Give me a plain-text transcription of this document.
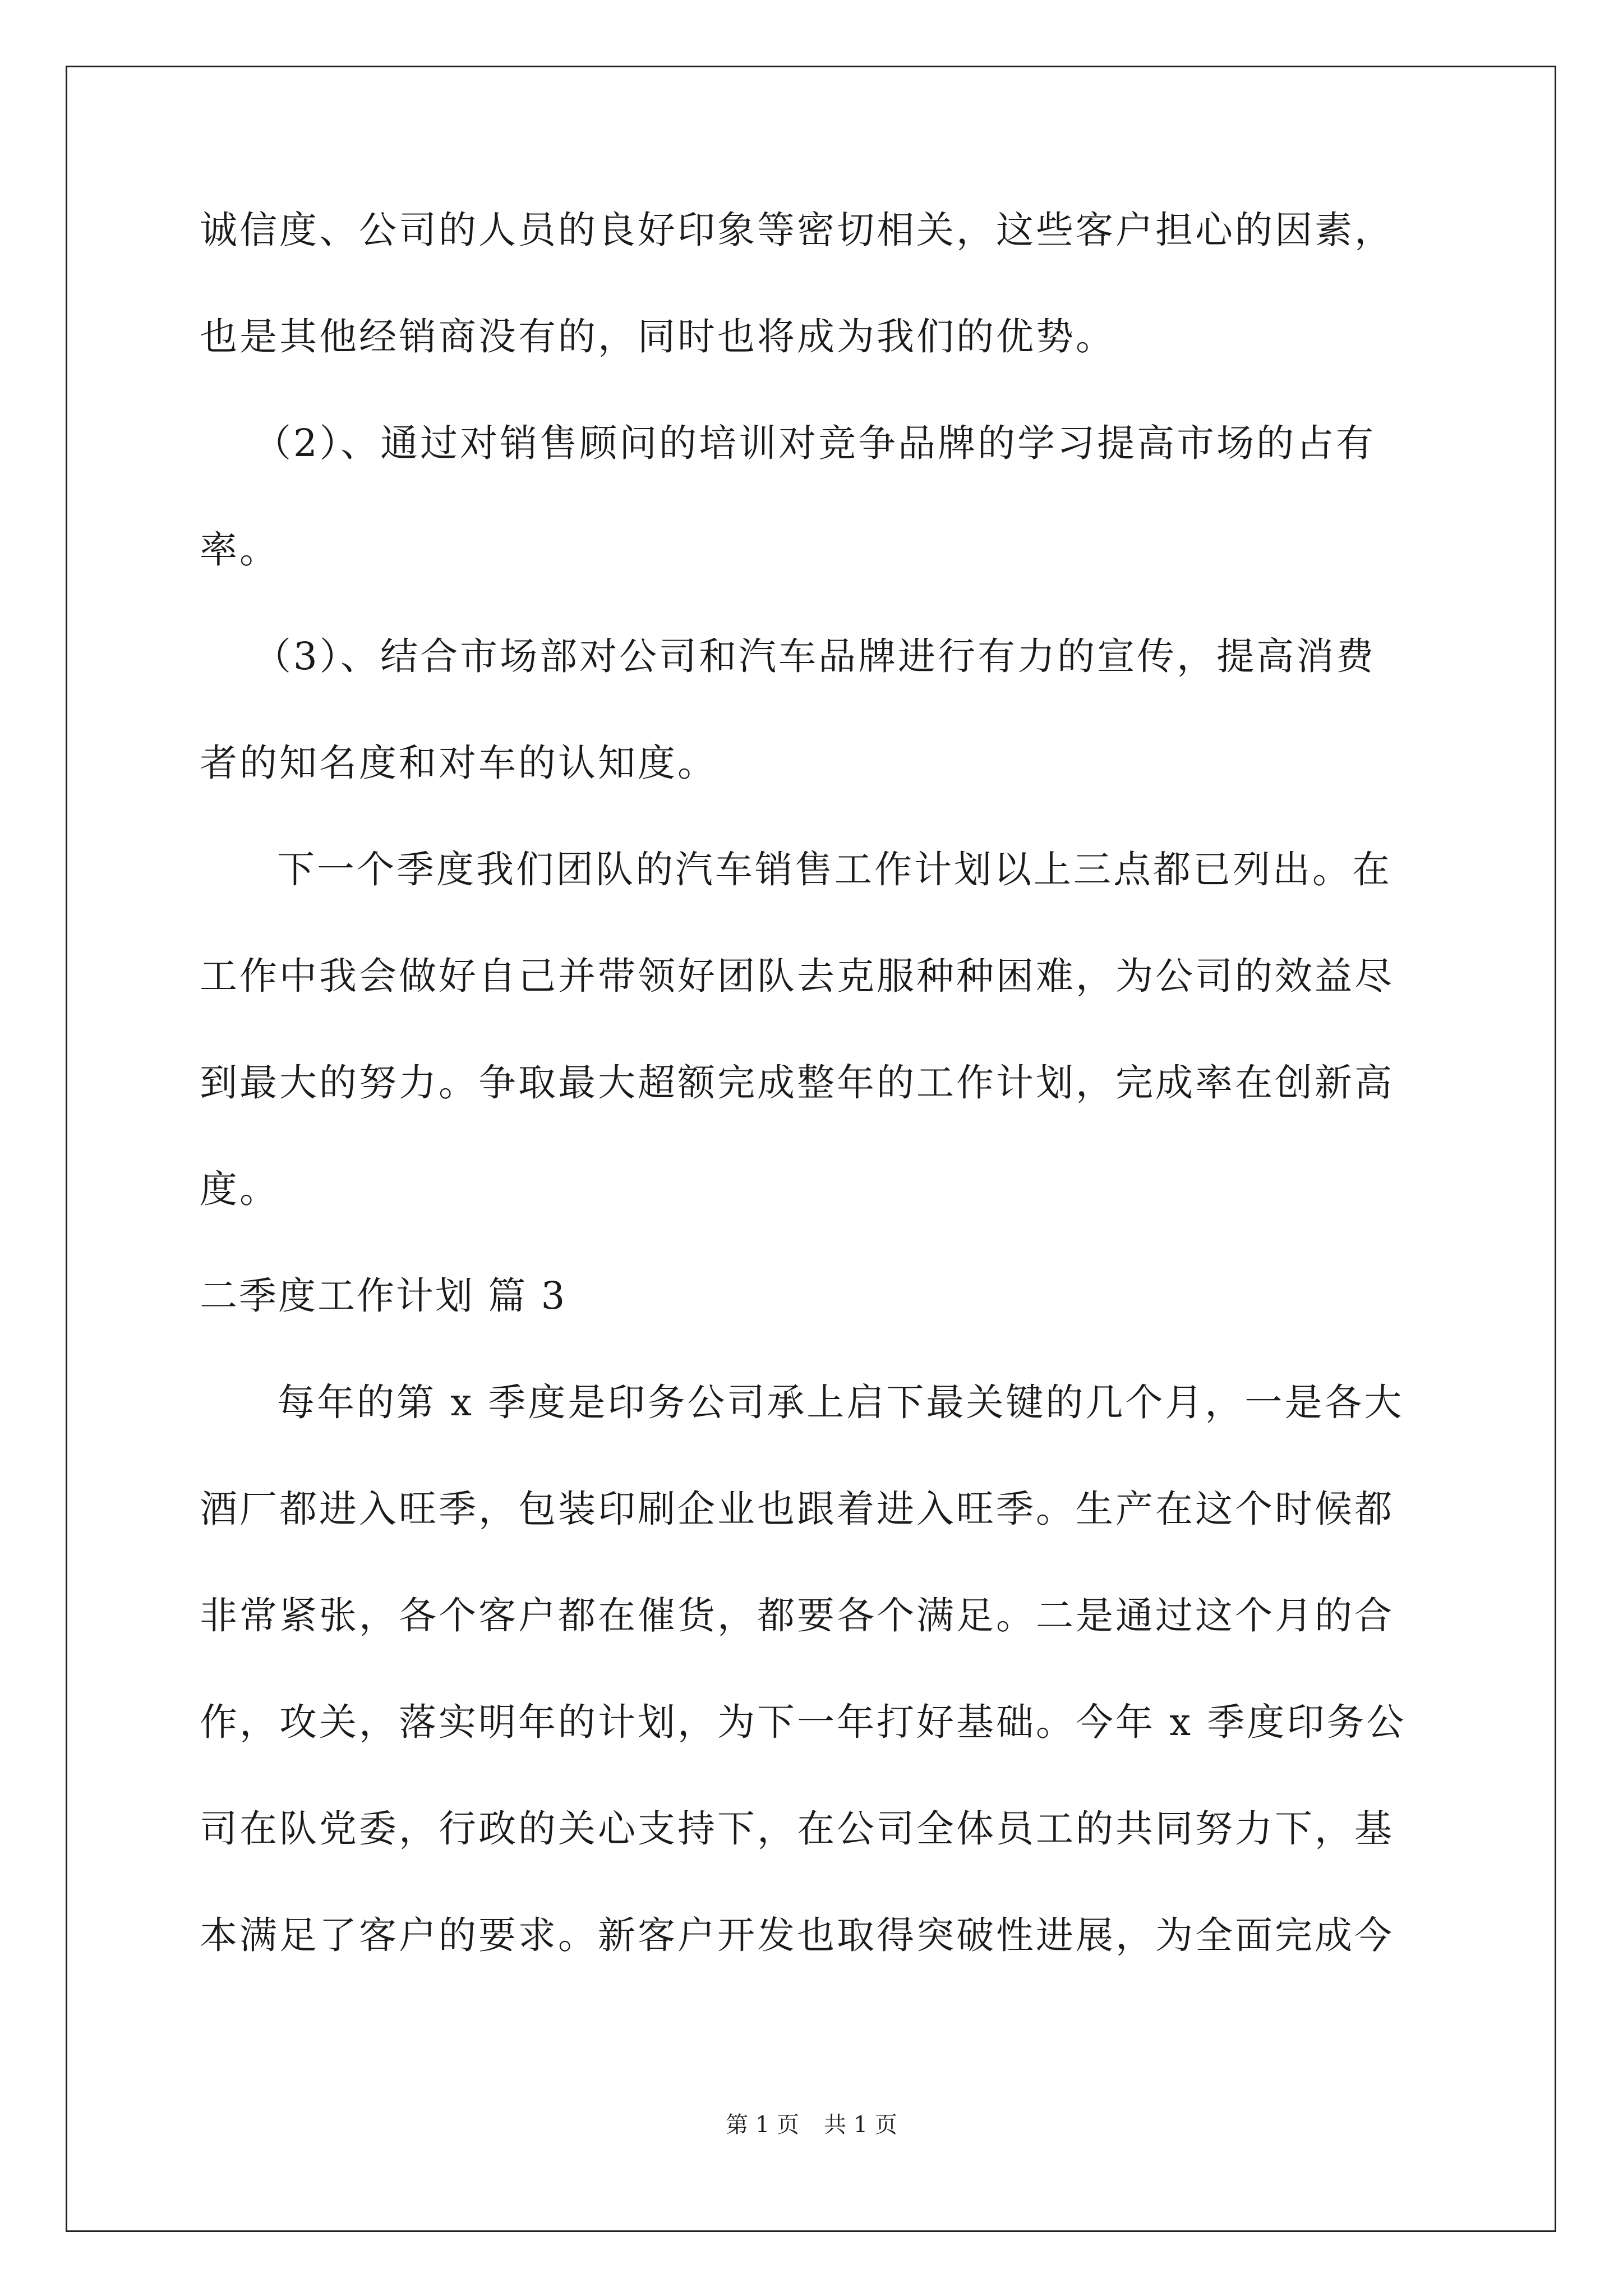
诚信度、公司的人员的良好印象等密切相关，这些客户担心的因素，
也是其他经销商没有的，同时也将成为我们的优势。
（2）、通过对销售顾问的培训对竞争品牌的学习提高市场的占有
率。
（3）、结合市场部对公司和汽车品牌进行有力的宣传，提高消费
者的知名度和对车的认知度。
下一个季度我们团队的汽车销售工作计划以上三点都已列出。在
工作中我会做好自己并带领好团队去克服种种困难，为公司的效益尽
到最大的努力。争取最大超额完成整年的工作计划，完成率在创新高
度。
二季度工作计划 篇 3
每年的第 x 季度是印务公司承上启下最关键的几个月，一是各大
酒厂都进入旺季，包装印刷企业也跟着进入旺季。生产在这个时候都
非常紧张，各个客户都在催货，都要各个满足。二是通过这个月的合
作，攻关，落实明年的计划，为下一年打好基础。今年 x 季度印务公
司在队党委，行政的关心支持下，在公司全体员工的共同努力下，基
本满足了客户的要求。新客户开发也取得突破性进展，为全面完成今
第 1 页 共 1 页
